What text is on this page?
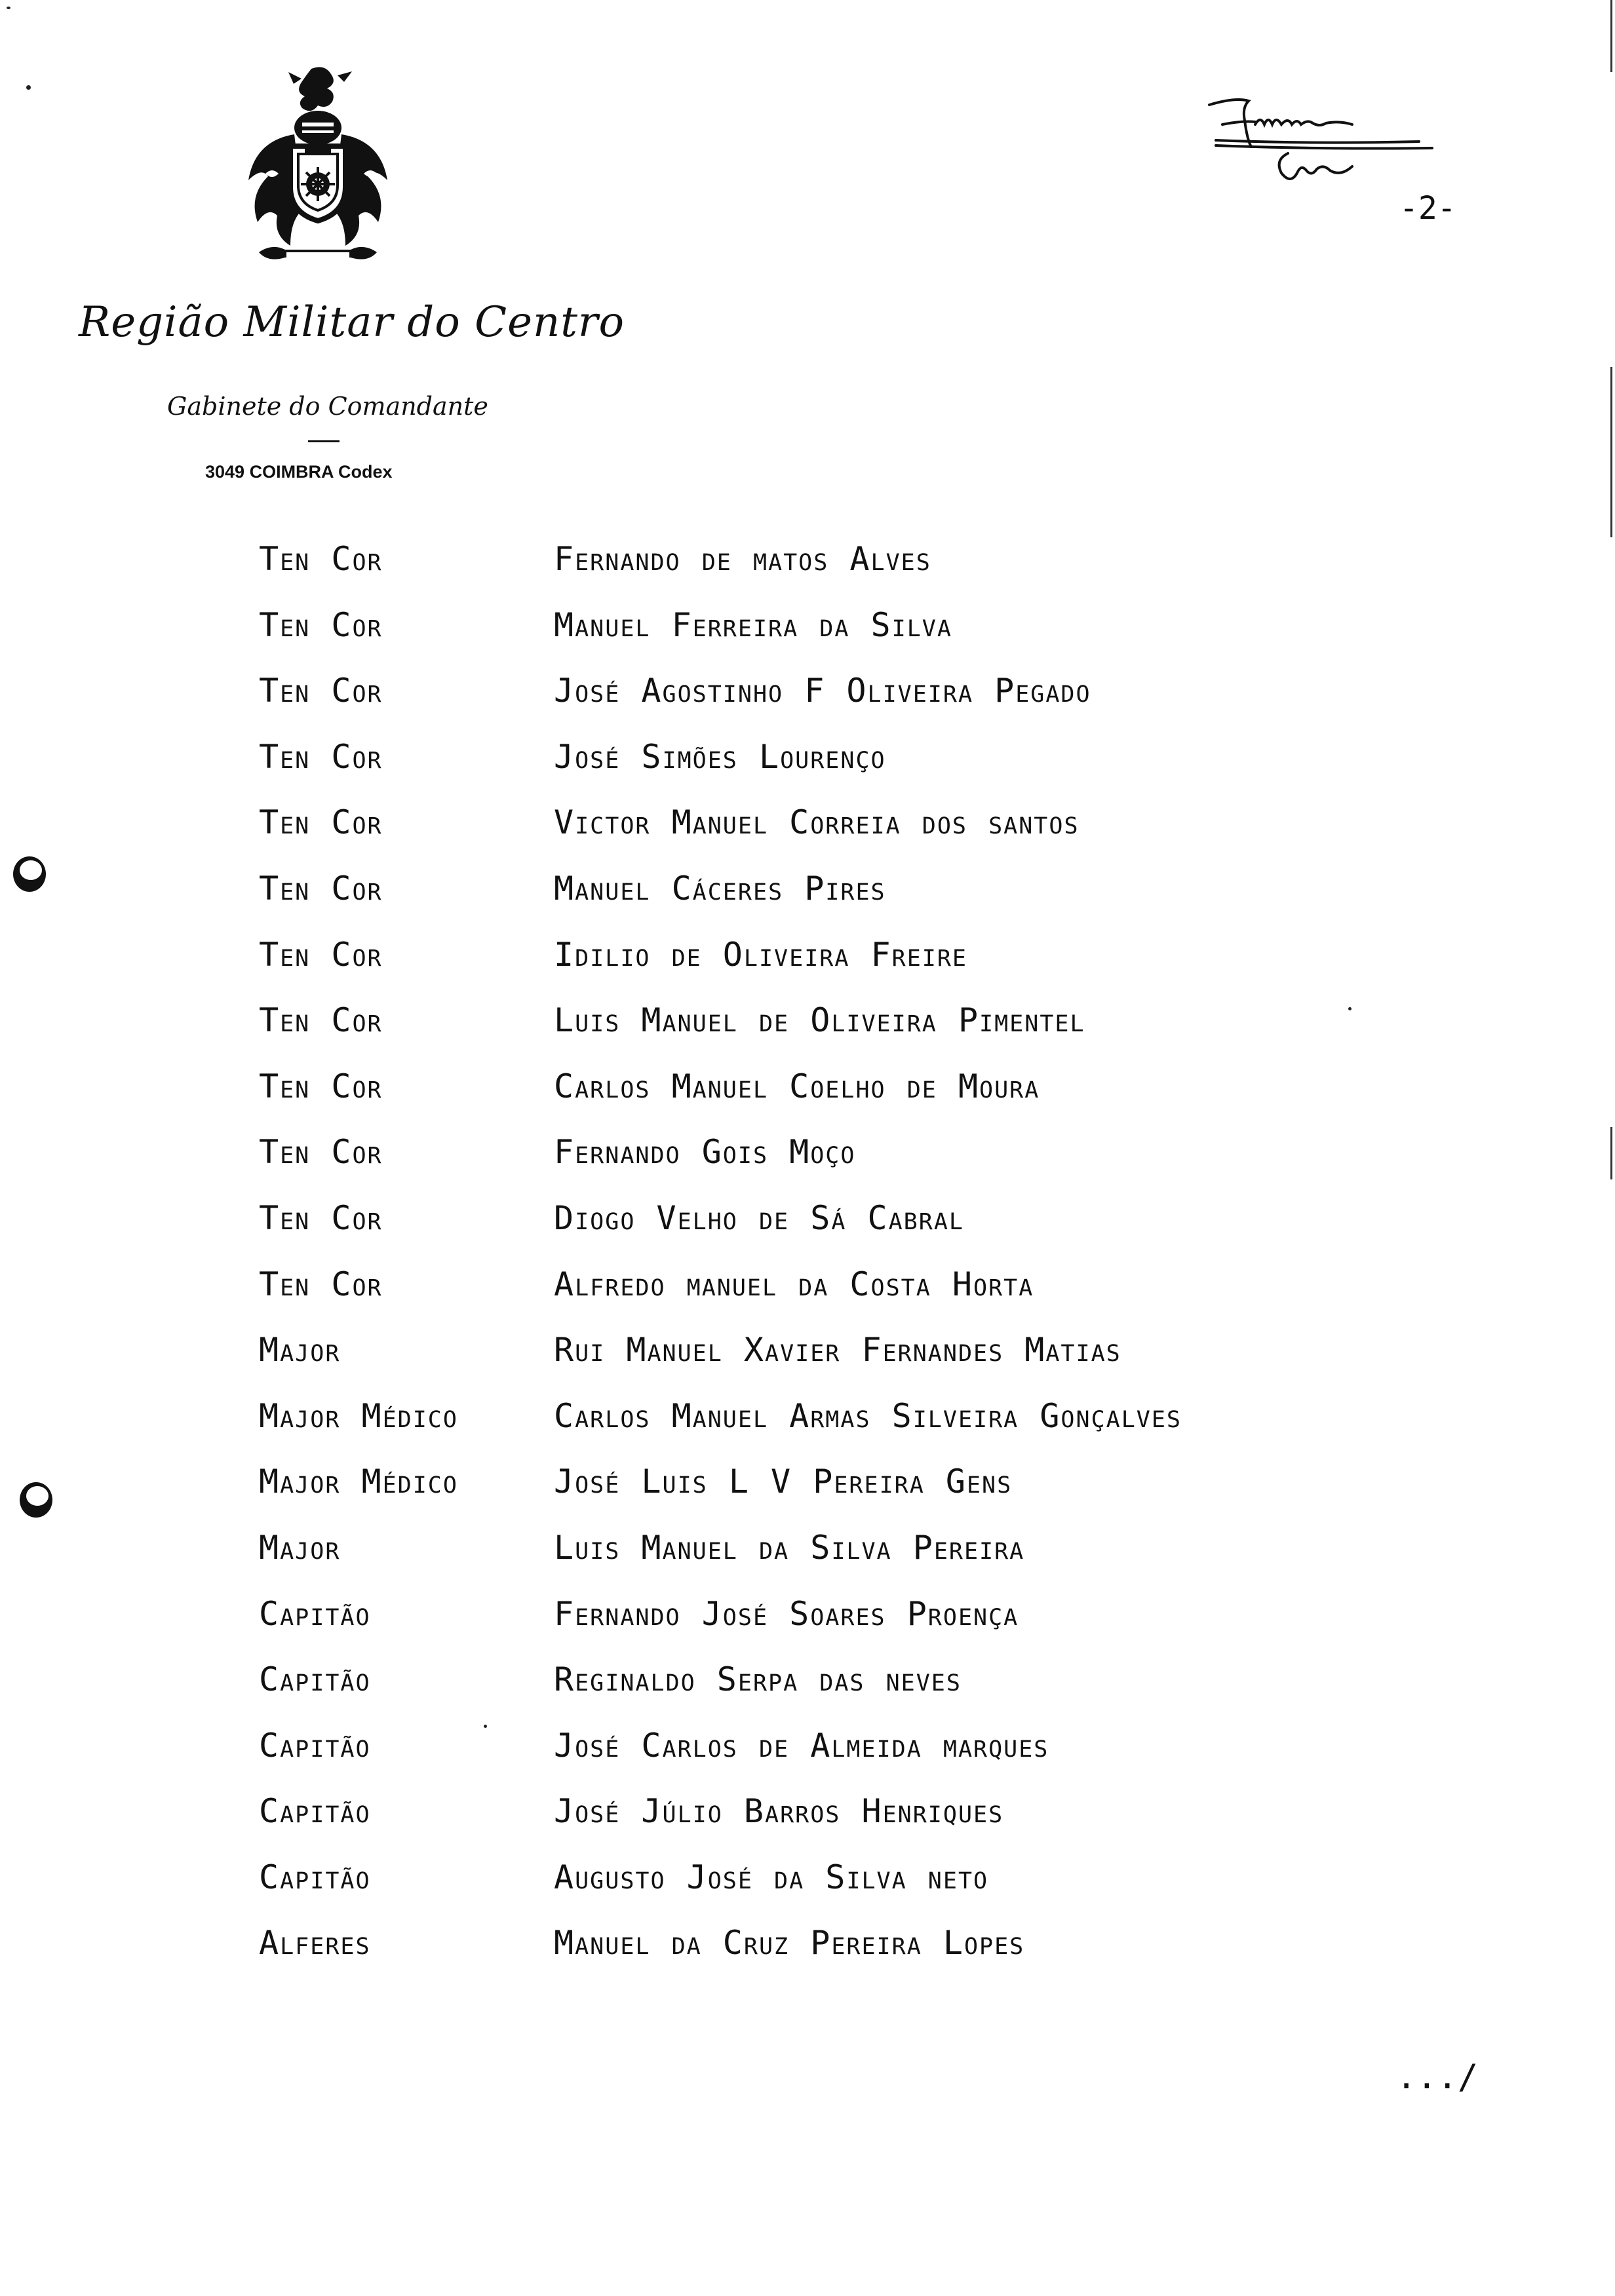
Região Militar do Centro
Gabinete do Comandante
3049 COIMBRA Codex
-2-
Ten Cor	Fernando de matos Alves
Ten Cor	Manuel Ferreira da Silva
Ten Cor	José Agostinho F Oliveira Pegado
Ten Cor	José Simões Lourenço
Ten Cor	Victor Manuel Correia dos santos
Ten Cor	Manuel Cáceres Pires
Ten Cor	Idilio de Oliveira Freire
Ten Cor	Luis Manuel de Oliveira Pimentel
Ten Cor	Carlos Manuel Coelho de Moura
Ten Cor	Fernando Gois Moço
Ten Cor	Diogo Velho de Sá Cabral
Ten Cor	Alfredo manuel da Costa Horta
Major	Rui Manuel Xavier Fernandes Matias
Major Médico	Carlos Manuel Armas Silveira Gonçalves
Major Médico	José Luis L V Pereira Gens
Major	Luis Manuel da Silva Pereira
Capitão	Fernando José Soares Proença
Capitão	Reginaldo Serpa das neves
Capitão	José Carlos de Almeida marques
Capitão	José Júlio Barros Henriques
Capitão	Augusto José da Silva neto
Alferes	Manuel da Cruz Pereira Lopes
.../
